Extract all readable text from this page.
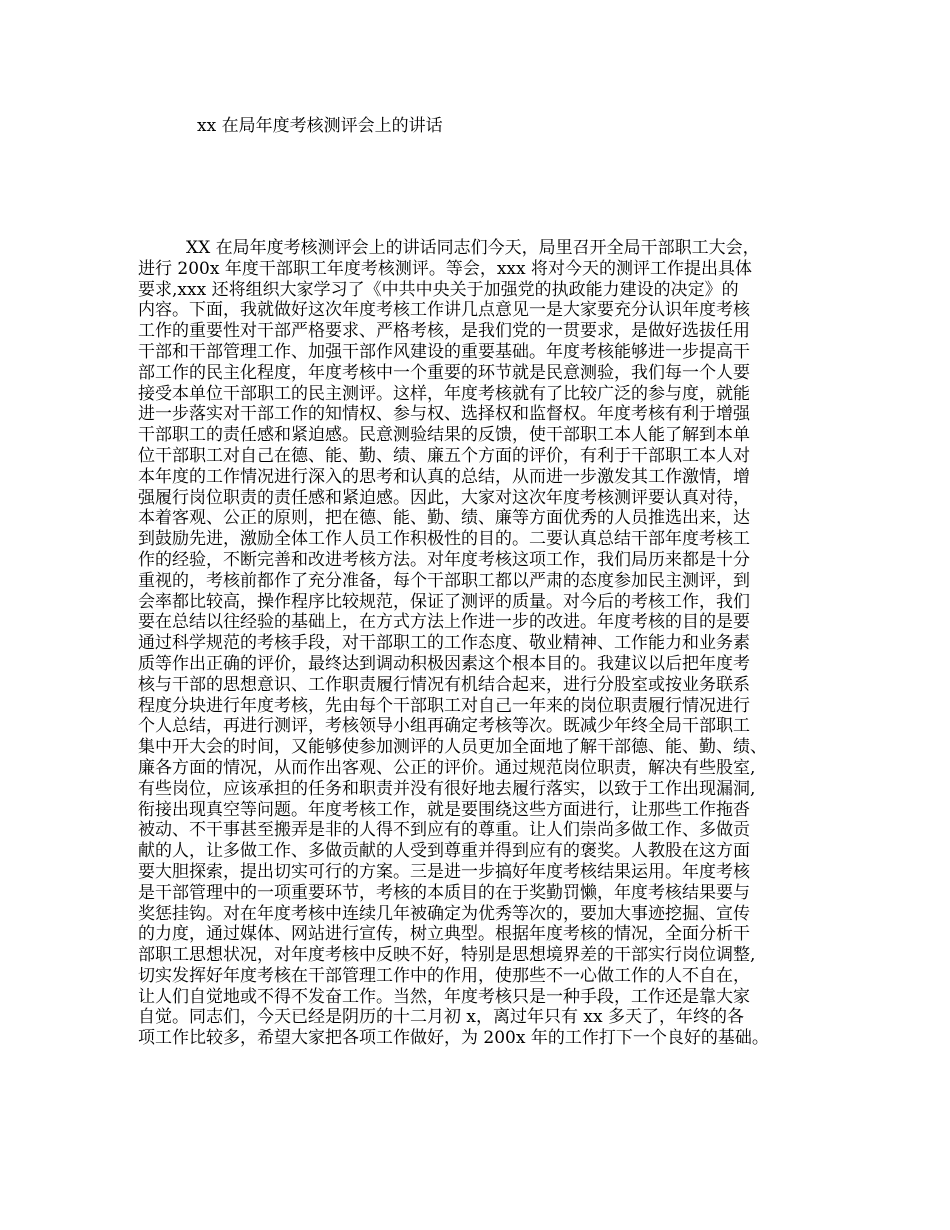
xx 在局年度考核测评会上的讲话
XX 在局年度考核测评会上的讲话同志们今天，局里召开全局干部职工大会，
进行 200x 年度干部职工年度考核测评。等会，xxx 将对今天的测评工作提出具体
要求,xxx 还将组织大家学习了《中共中央关于加强党的执政能力建设的决定》的
内容。下面，我就做好这次年度考核工作讲几点意见一是大家要充分认识年度考核
工作的重要性对干部严格要求、严格考核，是我们党的一贯要求，是做好选拔任用
干部和干部管理工作、加强干部作风建设的重要基础。年度考核能够进一步提高干
部工作的民主化程度，年度考核中一个重要的环节就是民意测验，我们每一个人要
接受本单位干部职工的民主测评。这样，年度考核就有了比较广泛的参与度，就能
进一步落实对干部工作的知情权、参与权、选择权和监督权。年度考核有利于增强
干部职工的责任感和紧迫感。民意测验结果的反馈，使干部职工本人能了解到本单
位干部职工对自己在德、能、勤、绩、廉五个方面的评价，有利于干部职工本人对
本年度的工作情况进行深入的思考和认真的总结，从而进一步激发其工作激情，增
强履行岗位职责的责任感和紧迫感。因此，大家对这次年度考核测评要认真对待，
本着客观、公正的原则，把在德、能、勤、绩、廉等方面优秀的人员推选出来，达
到鼓励先进，激励全体工作人员工作积极性的目的。二要认真总结干部年度考核工
作的经验，不断完善和改进考核方法。对年度考核这项工作，我们局历来都是十分
重视的，考核前都作了充分准备，每个干部职工都以严肃的态度参加民主测评，到
会率都比较高，操作程序比较规范，保证了测评的质量。对今后的考核工作，我们
要在总结以往经验的基础上，在方式方法上作进一步的改进。年度考核的目的是要
通过科学规范的考核手段，对干部职工的工作态度、敬业精神、工作能力和业务素
质等作出正确的评价，最终达到调动积极因素这个根本目的。我建议以后把年度考
核与干部的思想意识、工作职责履行情况有机结合起来，进行分股室或按业务联系
程度分块进行年度考核，先由每个干部职工对自己一年来的岗位职责履行情况进行
个人总结，再进行测评，考核领导小组再确定考核等次。既减少年终全局干部职工
集中开大会的时间，又能够使参加测评的人员更加全面地了解干部德、能、勤、绩、
廉各方面的情况，从而作出客观、公正的评价。通过规范岗位职责，解决有些股室,
有些岗位，应该承担的任务和职责并没有很好地去履行落实，以致于工作出现漏洞,
衔接出现真空等问题。年度考核工作，就是要围绕这些方面进行，让那些工作拖沓
被动、不干事甚至搬弄是非的人得不到应有的尊重。让人们崇尚多做工作、多做贡
献的人，让多做工作、多做贡献的人受到尊重并得到应有的褒奖。人教股在这方面
要大胆探索，提出切实可行的方案。三是进一步搞好年度考核结果运用。年度考核
是干部管理中的一项重要环节，考核的本质目的在于奖勤罚懒，年度考核结果要与
奖惩挂钩。对在年度考核中连续几年被确定为优秀等次的，要加大事迹挖掘、宣传
的力度，通过媒体、网站进行宣传，树立典型。根据年度考核的情况，全面分析干
部职工思想状况，对年度考核中反映不好，特别是思想境界差的干部实行岗位调整,
切实发挥好年度考核在干部管理工作中的作用，使那些不一心做工作的人不自在，
让人们自觉地或不得不发奋工作。当然，年度考核只是一种手段，工作还是靠大家
自觉。同志们，今天已经是阴历的十二月初 x，离过年只有 xx 多天了，年终的各
项工作比较多，希望大家把各项工作做好，为 200x 年的工作打下一个良好的基础。
